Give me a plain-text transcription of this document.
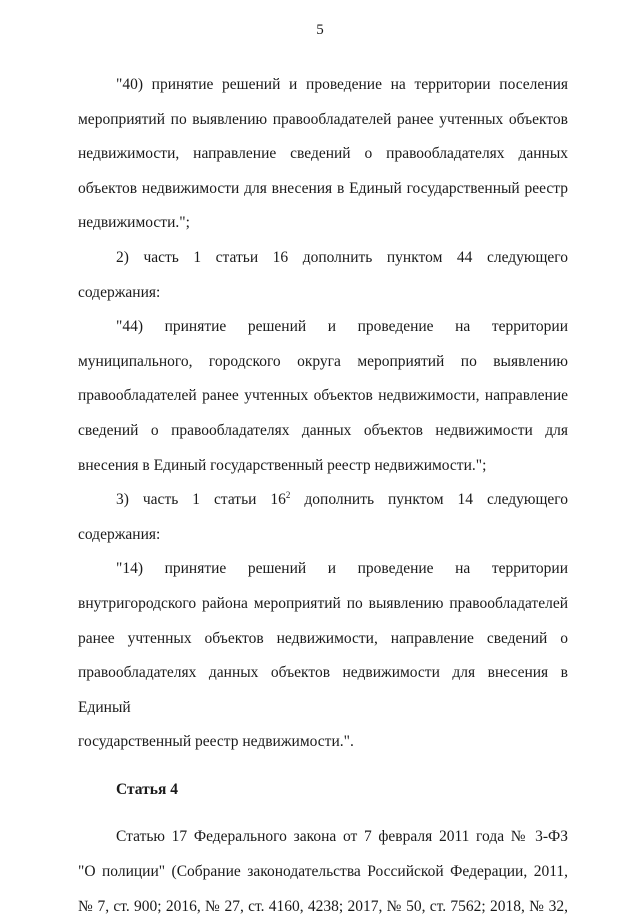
5

"40) принятие решений и проведение на территории поселения

мероприятий по выявлению правообладателей ранее учтенных объектов

недвижимости, направление сведений о правообладателях данных

объектов недвижимости для внесения в Единый государственный реестр

недвижимости.";

2) часть 1 статьи 16 дополнить пунктом 44 следующего содержания:

"44) принятие решений и проведение на территории

муниципального, городского округа мероприятий по выявлению

правообладателей ранее учтенных объектов недвижимости, направление

сведений о правообладателях данных объектов недвижимости для

внесения в Единый государственный реестр недвижимости.";

3) часть 1 статьи $16^2$ дополнить пунктом 14 следующего содержания:

"14) принятие решений и проведение на территории

внутригородского района мероприятий по выявлению правообладателей

ранее учтенных объектов недвижимости, направление сведений о

правообладателях данных объектов недвижимости для внесения в Единый

государственный реестр недвижимости.".

Статья 4

Статью 17 Федерального закона от 7 февраля 2011 года № 3-ФЗ

"О полиции" (Собрание законодательства Российской Федерации, 2011,

№ 7, ст. 900; 2016, № 27, ст. 4160, 4238; 2017, № 50, ст. 7562; 2018, № 32,
